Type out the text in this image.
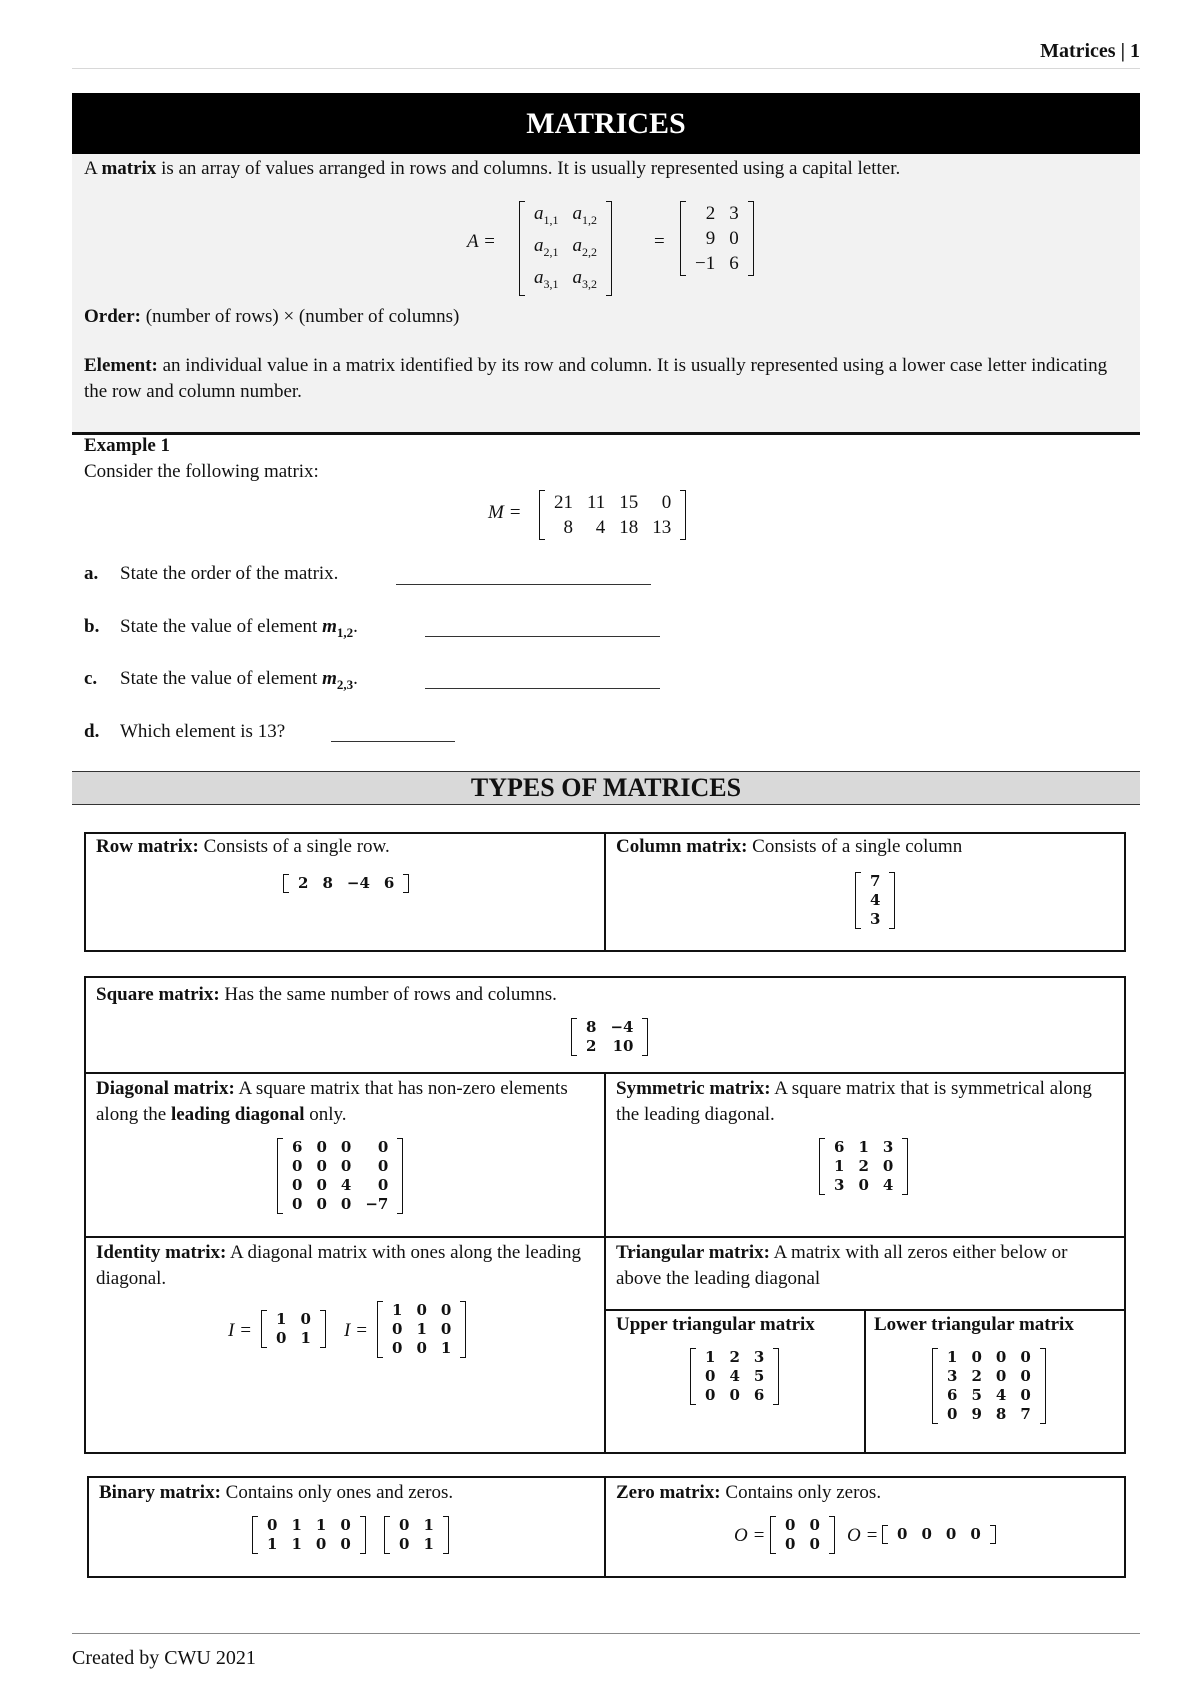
Matrices | 1
MATRICES
A matrix is an array of values arranged in rows and columns. It is usually represented using a capital letter.
A =
$a_{1,1}$	$a_{1,2}$
$a_{2,1}$	$a_{2,2}$
$a_{3,1}$	$a_{3,2}$
=
2	3
9	0
−1	6
Order: (number of rows) × (number of columns)
Element: an individual value in a matrix identified by its row and column. It is usually represented using a lower case letter indicating the row and column number.
Example 1
Consider the following matrix:
M = 21	11	15	0
8	4	18	13
a. State the order of the matrix.
b. State the value of element $m_{1,2}$.
c. State the value of element $m_{2,3}$.
d. Which element is 13?
TYPES OF MATRICES
Row matrix: Consists of a single row.
2	8	−4	6
Column matrix: Consists of a single column
7
4
3
Square matrix: Has the same number of rows and columns.
8	−4
2	10
Diagonal matrix: A square matrix that has non-zero elements along the leading diagonal only.
6	0	0	0
0	0	0	0
0	0	4	0
0	0	0	−7
Symmetric matrix: A square matrix that is symmetrical along the leading diagonal.
6	1	3
1	2	0
3	0	4
Identity matrix: A diagonal matrix with ones along the leading diagonal.
I =
1	0
0	1 I =
1	0	0
0	1	0
0	0	1
Triangular matrix: A matrix with all zeros either below or above the leading diagonal
Upper triangular matrix
1	2	3
0	4	5
0	0	6
Lower triangular matrix
1	0	0	0
3	2	0	0
6	5	4	0
0	9	8	7
Binary matrix: Contains only ones and zeros.
0	1	1	0
1	1	0	0
0	1
0	1
Zero matrix: Contains only zeros.
O = 0	0
0	0 O = 0	0	0	0
Created by CWU 2021
